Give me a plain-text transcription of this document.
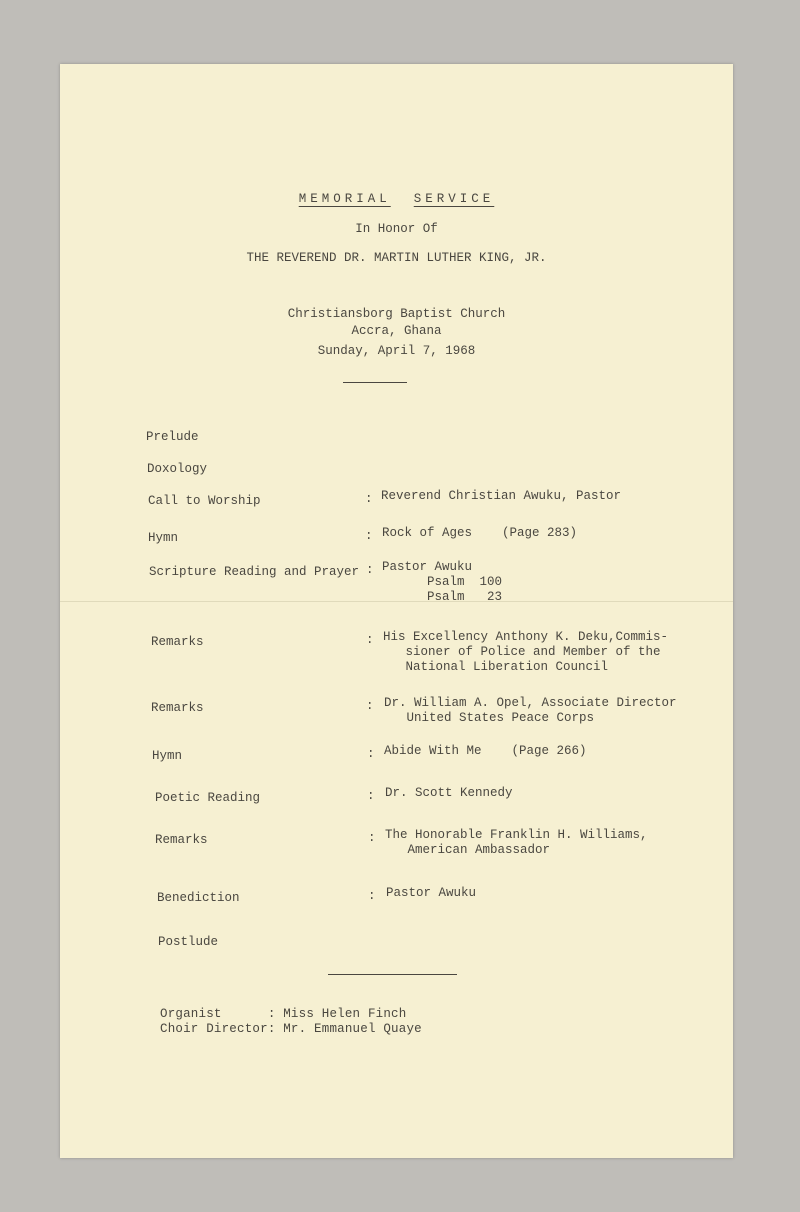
MEMORIAL SERVICE
In Honor Of
THE REVEREND DR. MARTIN LUTHER KING, JR.
Christiansborg Baptist Church
Accra, Ghana
Sunday, April 7, 1968
Prelude
Doxology
Call to Worship	: Reverend Christian Awuku, Pastor
Hymn	: Rock of Ages    (Page 283)
Scripture Reading and Prayer : Pastor Awuku
Psalm  100
Psalm   23
Remarks	: His Excellency Anthony K. Deku,Commis-
sioner of Police and Member of the
National Liberation Council
Remarks	: Dr. William A. Opel, Associate Director
United States Peace Corps
Hymn	: Abide With Me    (Page 266)
Poetic Reading	: Dr. Scott Kennedy
Remarks	: The Honorable Franklin H. Williams,
American Ambassador
Benediction	: Pastor Awuku
Postlude
Organist      : Miss Helen Finch
Choir Director: Mr. Emmanuel Quaye
